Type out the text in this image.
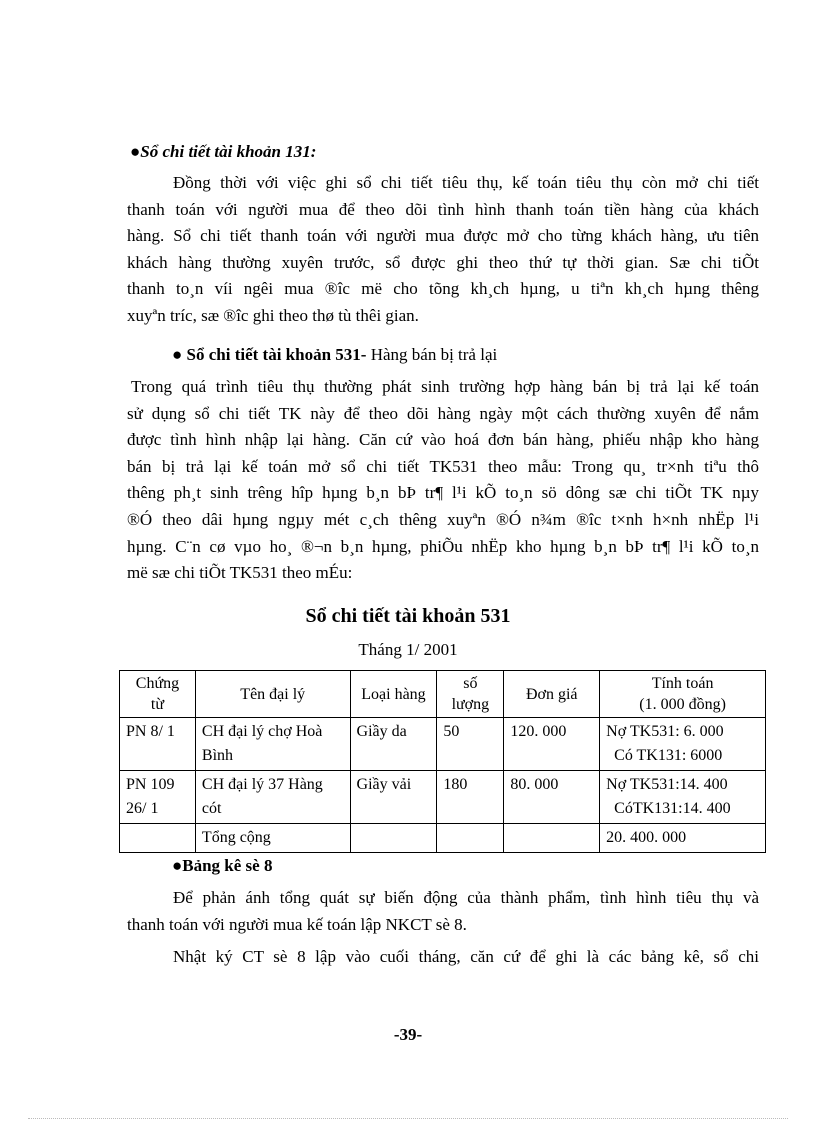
●Sổ chi tiết tài khoản 131:
Đồng thời với việc ghi sổ chi tiết tiêu thụ, kế toán tiêu thụ còn mở chi tiết
thanh toán với người mua để theo dõi tình hình thanh toán tiền hàng của khách
hàng. Sổ chi tiết thanh toán với người mua được mở cho từng khách hàng, ưu tiên
khách hàng thường xuyên trước, sổ được ghi theo thứ tự thời gian. Sæ chi tiÕt
thanh to¸n víi ngêi mua ®îc më cho tõng kh¸ch hµng, u tiªn kh¸ch hµng thêng
xuyªn tríc, sæ ®îc ghi theo thø tù thêi gian.
● Sổ chi tiết tài khoản 531- Hàng bán bị trả lại
Trong quá trình tiêu thụ thường phát sinh trường hợp hàng bán bị trả lại kế toán
sử dụng sổ chi tiết TK này để theo dõi hàng ngày một cách thường xuyên để nắm
được tình hình nhập lại hàng. Căn cứ vào hoá đơn bán hàng, phiếu nhập kho hàng
bán bị trả lại kế toán mở sổ chi tiết TK531 theo mẫu: Trong qu¸ tr×nh tiªu thô
thêng ph¸t sinh trêng hîp hµng b¸n bÞ tr¶ l¹i kÕ to¸n sö dông sæ chi tiÕt TK nµy
®Ó theo dâi hµng ngµy mét c¸ch thêng xuyªn ®Ó n¾m ®îc t×nh h×nh nhËp l¹i
hµng. C¨n cø vµo ho¸ ®¬n b¸n hµng, phiÕu nhËp kho hµng b¸n bÞ tr¶ l¹i kÕ to¸n
më sæ chi tiÕt TK531 theo mÉu:
Sổ chi tiết tài khoản 531
Tháng 1/ 2001
Chứng
từ	Tên đại lý	Loại hàng	số
lượng	Đơn giá	Tính toán
(1. 000 đồng)
PN 8/ 1	CH đại lý chợ Hoà
Bình	Giầy da	50	120. 000	Nợ TK531: 6. 000
Có TK131: 6000
PN 109
26/ 1	CH đại lý 37 Hàng
cót	Giầy vải	180	80. 000	Nợ TK531:14. 400
CóTK131:14. 400
	Tổng cộng				20. 400. 000
●Bảng kê sè 8
Để phản ánh tổng quát sự biến động của thành phẩm, tình hình tiêu thụ và
thanh toán với người mua kế toán lập NKCT sè 8.
Nhật ký CT sè 8 lập vào cuối tháng, căn cứ để ghi là các bảng kê, sổ chi
-39-
